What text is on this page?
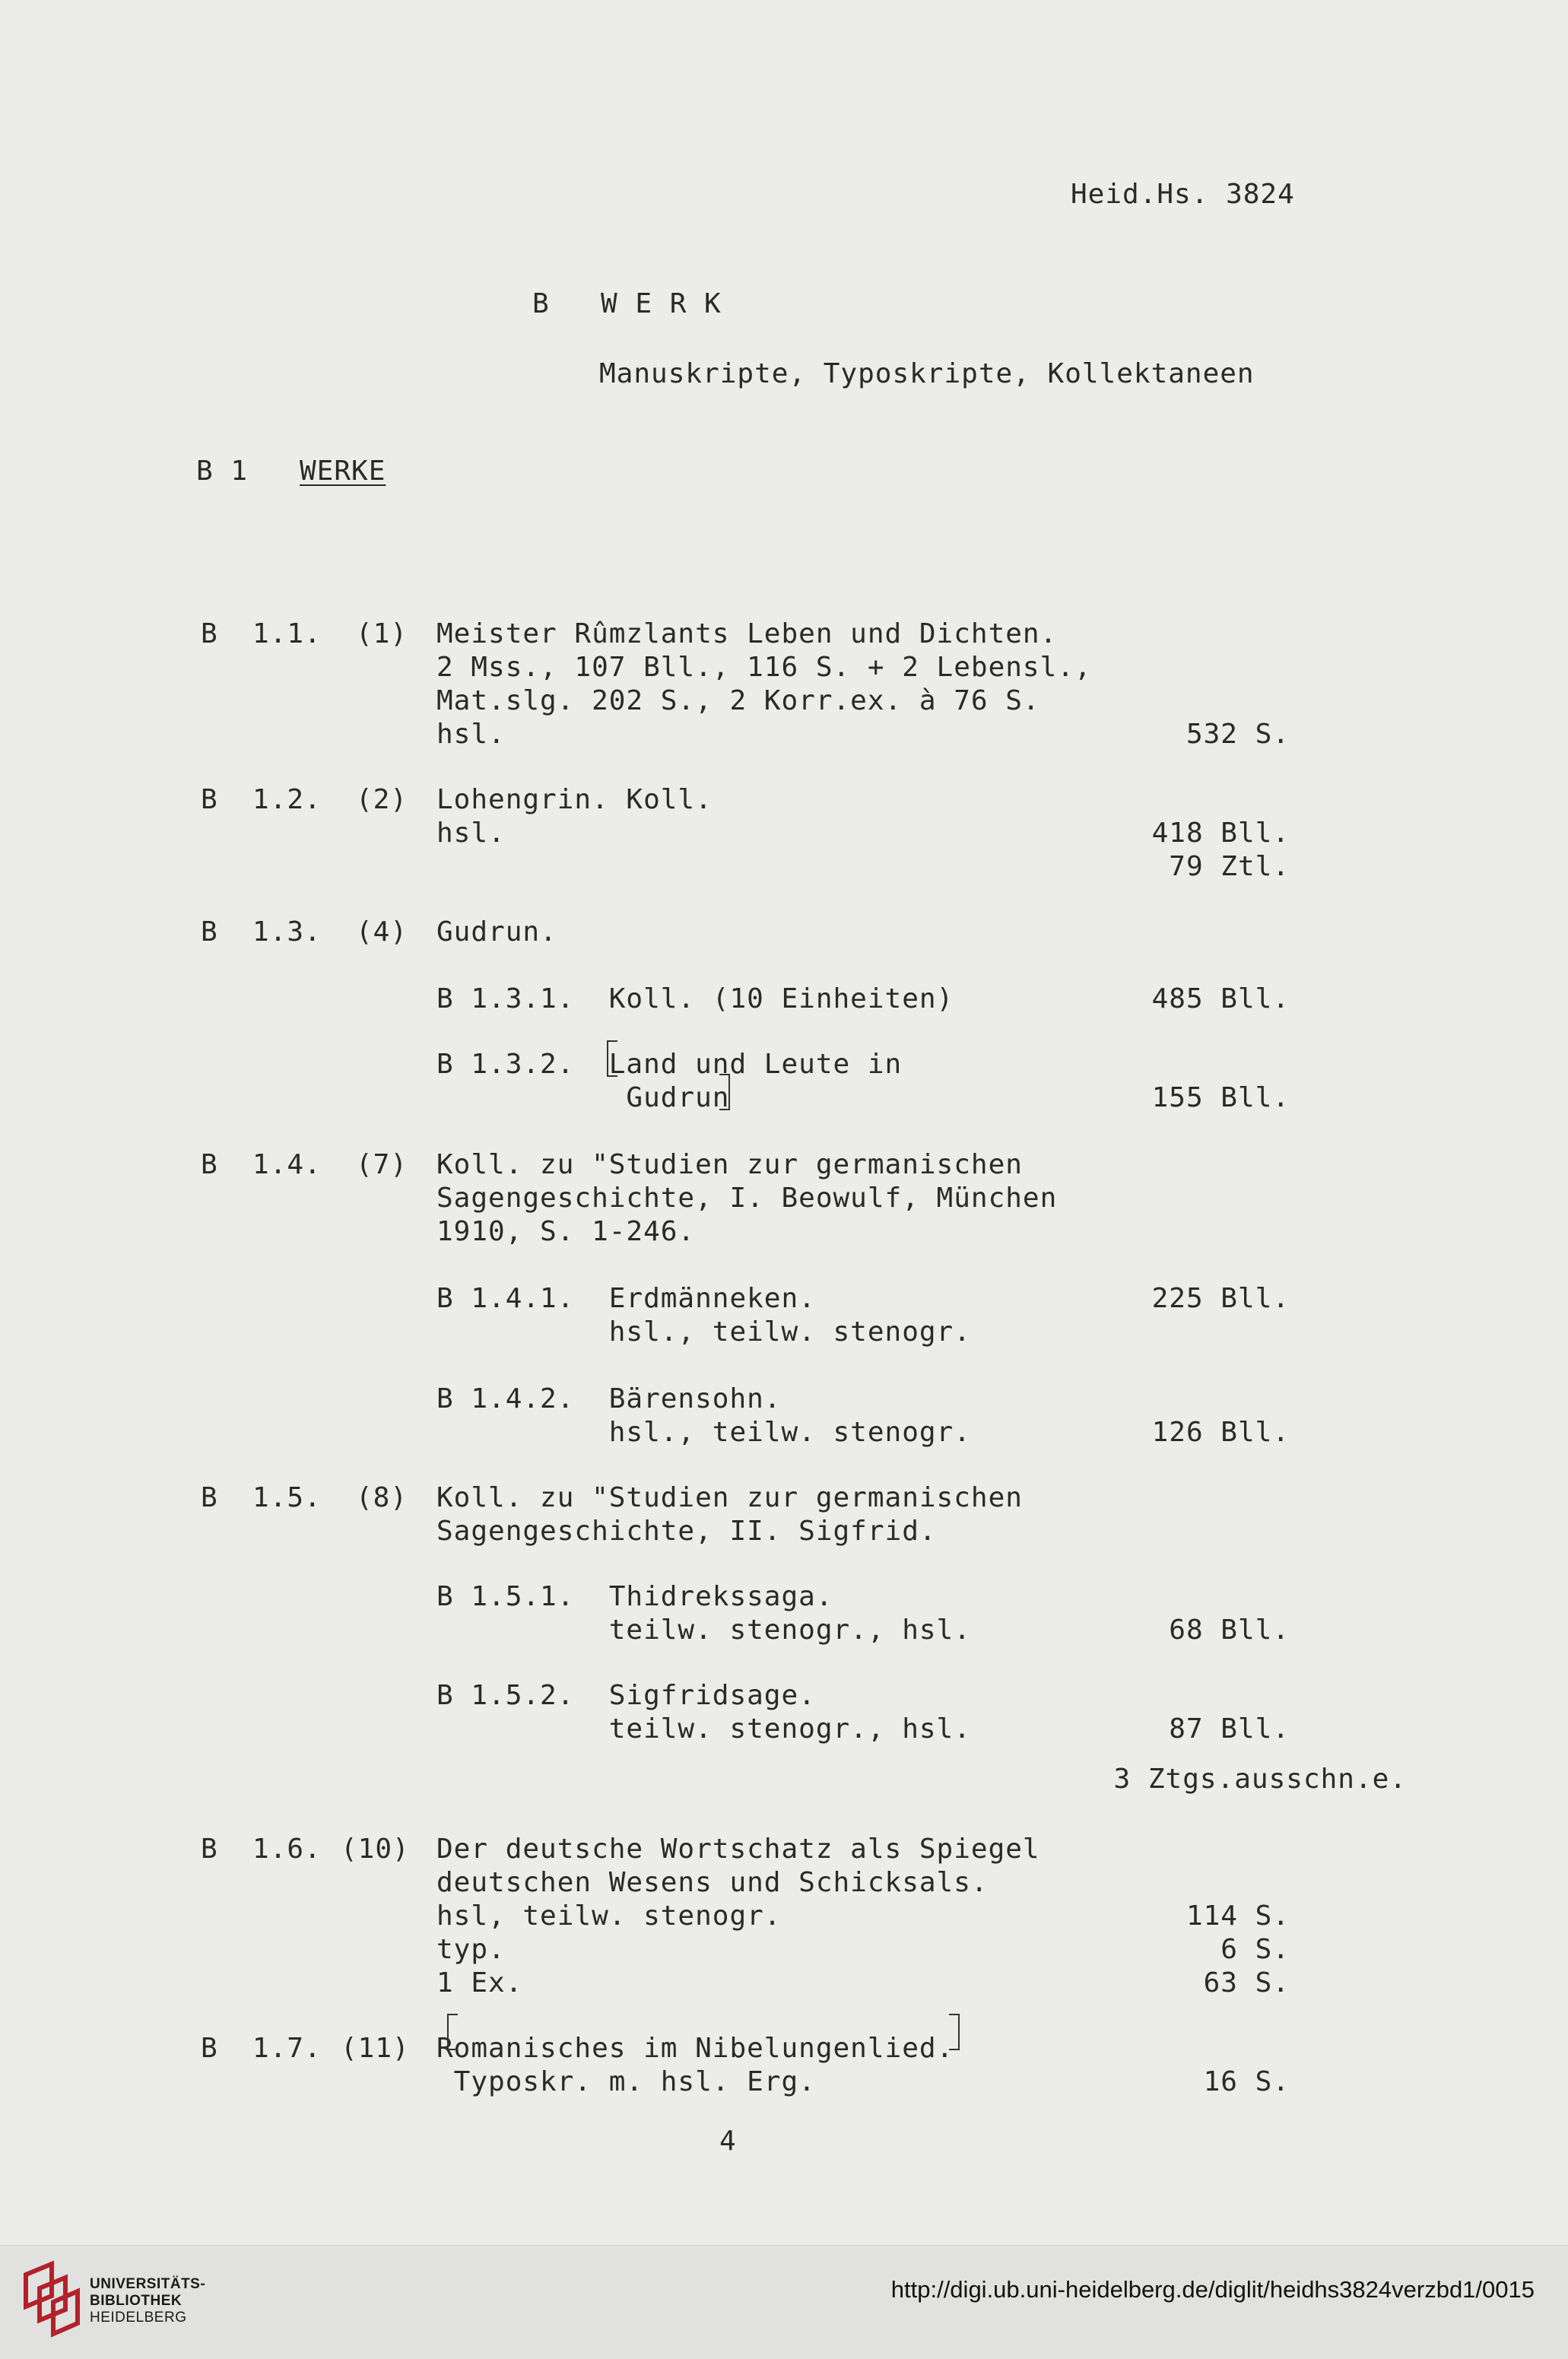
Heid.Hs. 3824
B W E R K
Manuskripte, Typoskripte, Kollektaneen
B 1 WERKE
B  1.1. (1) Meister Rûmzlants Leben und Dichten.
2 Mss., 107 Bll., 116 S. + 2 Lebensl.,
Mat.slg. 202 S., 2 Korr.ex. à 76 S.
hsl.	532 S.
B  1.2. (2) Lohengrin. Koll.
hsl.	418 Bll.
79 Ztl.
B  1.3. (4) Gudrun.
B 1.3.1.  Koll. (10 Einheiten)	485 Bll.
B 1.3.2.  Land und Leute in
Gudrun	155 Bll.
B  1.4. (7) Koll. zu "Studien zur germanischen
Sagengeschichte, I. Beowulf, München
1910, S. 1-246.
B 1.4.1.  Erdmänneken.	225 Bll.
hsl., teilw. stenogr.
B 1.4.2.  Bärensohn.
hsl., teilw. stenogr.	126 Bll.
B  1.5. (8) Koll. zu "Studien zur germanischen
Sagengeschichte, II. Sigfrid.
B 1.5.1.  Thidrekssaga.
teilw. stenogr., hsl.	68 Bll.
B 1.5.2.  Sigfridsage.
teilw. stenogr., hsl.	87 Bll.
3 Ztgs.ausschn.e.
B  1.6. (10) Der deutsche Wortschatz als Spiegel
deutschen Wesens und Schicksals.
hsl, teilw. stenogr.	114 S.
typ.	6 S.
1 Ex.	63 S.
B  1.7. (11) Romanisches im Nibelungenlied.
Typoskr. m. hsl. Erg.	16 S.
4
UNIVERSITÄTS-
BIBLIOTHEK
HEIDELBERG
http://digi.ub.uni-heidelberg.de/diglit/heidhs3824verzbd1/0015
